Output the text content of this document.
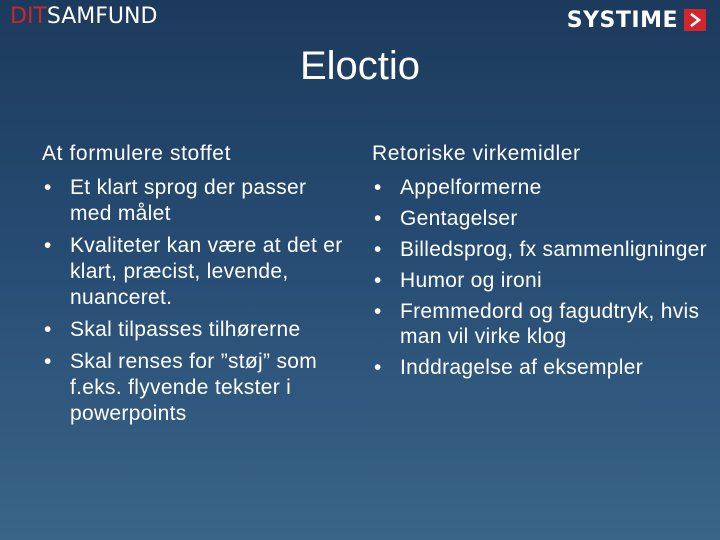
DITSAMFUND	SYSTIME
Eloctio
At formulere stoffet
• Et klart sprog der passer med målet
• Kvaliteter kan være at det er klart, præcist, levende, nuanceret.
• Skal tilpasses tilhørerne
• Skal renses for ”støj” som f.eks. flyvende tekster i powerpoints
Retoriske virkemidler
• Appelformerne
• Gentagelser
• Billedsprog, fx sammenligninger
• Humor og ironi
• Fremmedord og fagudtryk, hvis man vil virke klog
• Inddragelse af eksempler
